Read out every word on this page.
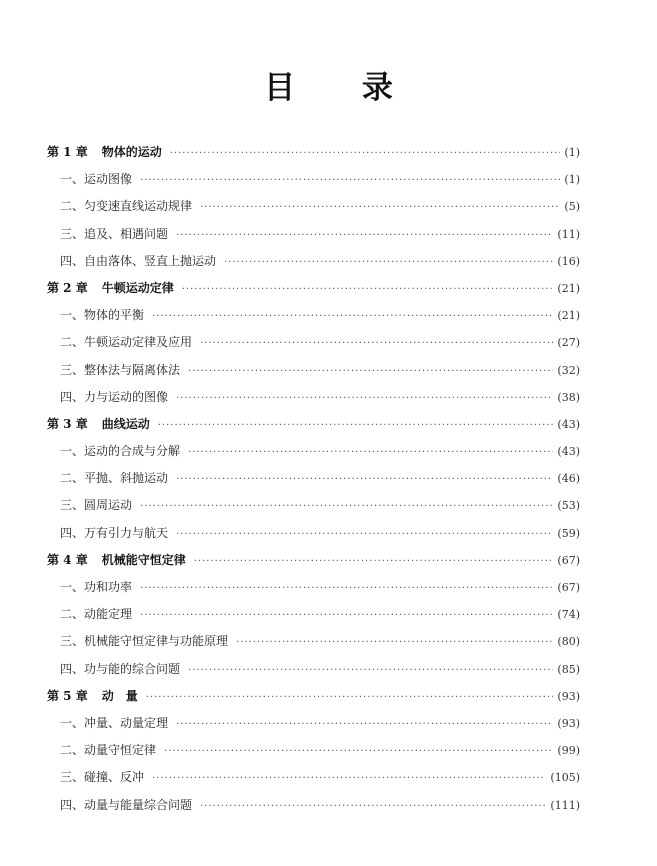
目 录
第 1 章 物体的运动 ·····	(1)
一、运动图像 ·····	(1)
二、匀变速直线运动规律 ·····	(5)
三、追及、相遇问题 ·····	(11)
四、自由落体、竖直上抛运动 ·····	(16)
第 2 章 牛顿运动定律 ·····	(21)
一、物体的平衡 ·····	(21)
二、牛顿运动定律及应用 ·····	(27)
三、整体法与隔离体法 ·····	(32)
四、力与运动的图像 ·····	(38)
第 3 章 曲线运动 ·····	(43)
一、运动的合成与分解 ·····	(43)
二、平抛、斜抛运动 ·····	(46)
三、圆周运动 ·····	(53)
四、万有引力与航天 ·····	(59)
第 4 章 机械能守恒定律 ·····	(67)
一、功和功率 ·····	(67)
二、动能定理 ·····	(74)
三、机械能守恒定律与功能原理 ·····	(80)
四、功与能的综合问题 ·····	(85)
第 5 章 动　量 ·····	(93)
一、冲量、动量定理 ·····	(93)
二、动量守恒定律 ·····	(99)
三、碰撞、反冲 ·····	(105)
四、动量与能量综合问题 ·····	(111)
